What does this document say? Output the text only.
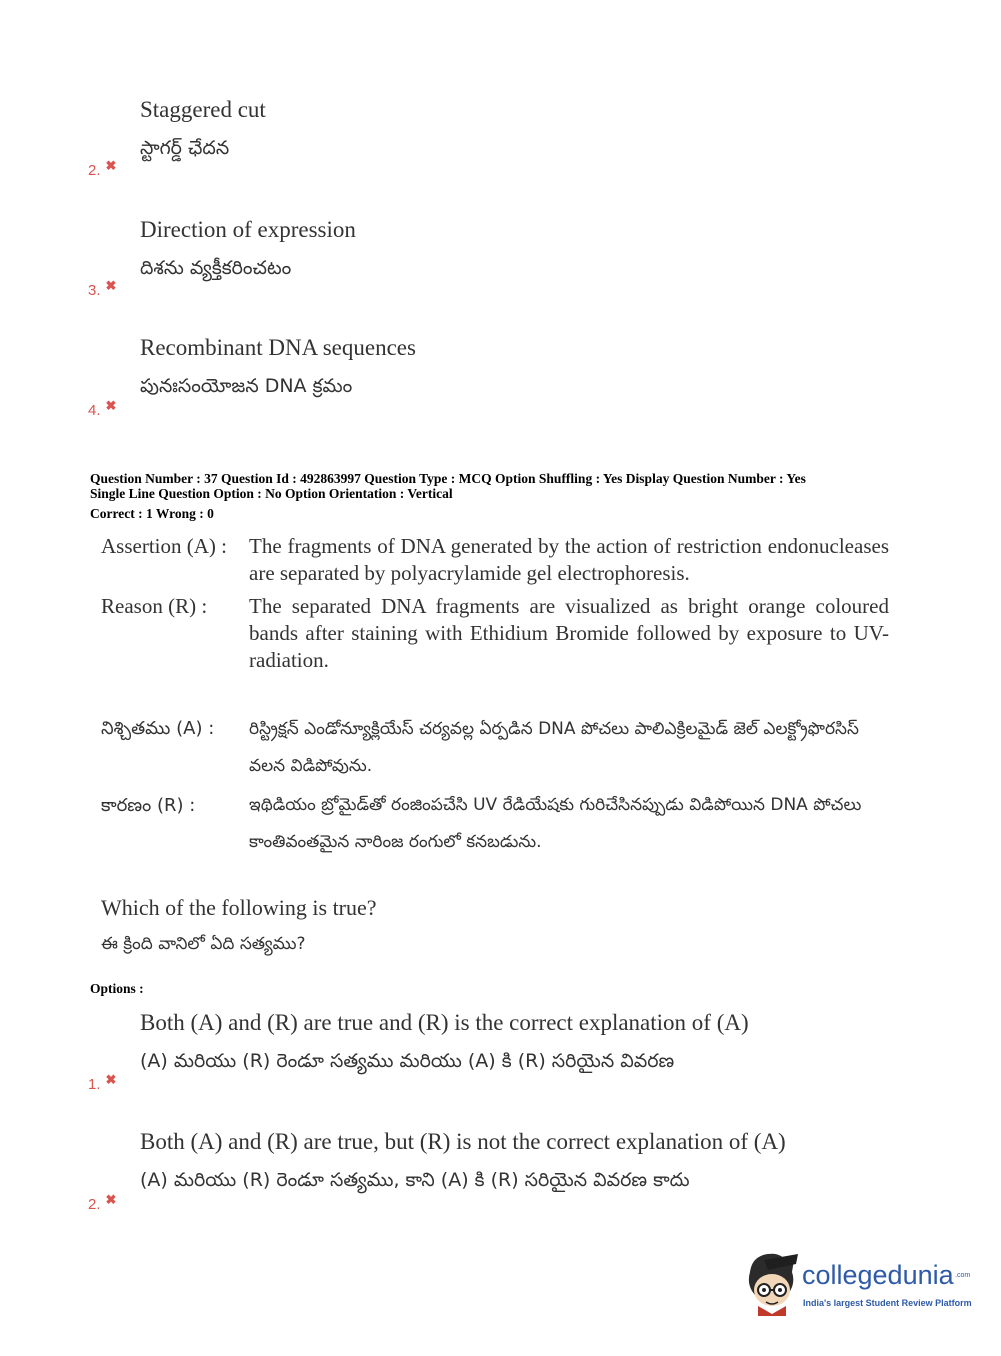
Staggered cut
స్టాగర్డ్ ఛేదన
2. ✖
Direction of expression
దిశను వ్యక్తీకరించటం
3. ✖
Recombinant DNA sequences
పునఃసంయోజన DNA క్రమం
4. ✖
Question Number : 37 Question Id : 492863997 Question Type : MCQ Option Shuffling : Yes Display Question Number : Yes
Single Line Question Option : No Option Orientation : Vertical
Correct : 1 Wrong : 0
Assertion (A) : The fragments of DNA generated by the action of restriction endonucleases are separated by polyacrylamide gel electrophoresis.
Reason (R) : The separated DNA fragments are visualized as bright orange coloured bands after staining with Ethidium Bromide followed by exposure to UV-radiation.
నిశ్చితము (A) : రిస్ట్రిక్షన్ ఎండోన్యూక్లియేస్ చర్యవల్ల ఏర్పడిన DNA పోచలు పాలిఎక్రిలమైడ్ జెల్ ఎలక్ట్రోఫొరసిస్ వలన విడిపోవును.
కారణం (R) :	ఇథిడియం బ్రోమైడ్‌తో రంజింపచేసి UV రేడియేషకు గురిచేసినప్పుడు విడిపోయిన DNA పోచలు కాంతివంతమైన నారింజ రంగులో కనబడును.
Which of the following is true?
ఈ క్రింది వానిలో ఏది సత్యము?
Options :
Both (A) and (R) are true and (R) is the correct explanation of (A)
(A) మరియు (R) రెండూ సత్యము మరియు (A) కి (R) సరియైన వివరణ
1. ✖
Both (A) and (R) are true, but (R) is not the correct explanation of (A)
(A) మరియు (R) రెండూ సత్యము, కాని (A) కి (R) సరియైన వివరణ కాదు
2. ✖
collegedunia .com
India's largest Student Review Platform
